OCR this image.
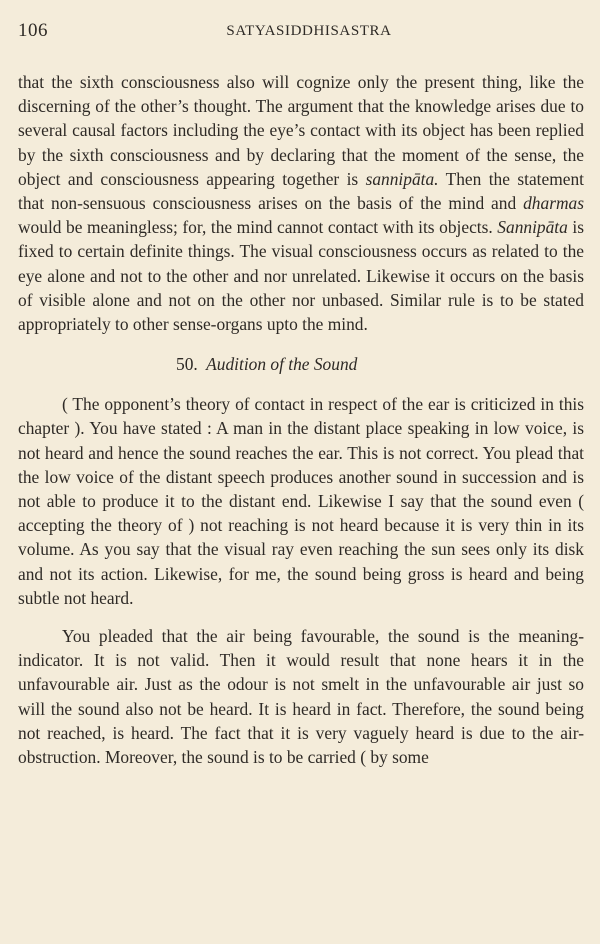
106	SATYASIDDHISASTRA

that the sixth consciousness also will cognize only the present thing, like the discerning of the other’s thought. The argument that the knowledge arises due to several causal factors including the eye’s contact with its object has been replied by the sixth consciousness and by declaring that the moment of the sense, the object and consciousness appearing together is sannipāta. Then the statement that non-sensuous consciousness arises on the basis of the mind and dharmas would be meaningless; for, the mind cannot contact with its objects. Sannipāta is fixed to certain definite things. The visual consciousness occurs as related to the eye alone and not to the other and nor unrelated. Likewise it occurs on the basis of visible alone and not on the other nor unbased. Similar rule is to be stated appropriately to other sense-organs upto the mind.

50. Audition of the Sound

( The opponent’s theory of contact in respect of the ear is criticized in this chapter ). You have stated : A man in the distant place speaking in low voice, is not heard and hence the sound reaches the ear. This is not correct. You plead that the low voice of the distant speech produces another sound in succession and is not able to produce it to the distant end. Likewise I say that the sound even ( accepting the theory of ) not reaching is not heard because it is very thin in its volume. As you say that the visual ray even reaching the sun sees only its disk and not its action. Likewise, for me, the sound being gross is heard and being subtle not heard.

You pleaded that the air being favourable, the sound is the meaning-indicator. It is not valid. Then it would result that none hears it in the unfavourable air. Just as the odour is not smelt in the unfavourable air just so will the sound also not be heard. It is heard in fact. Therefore, the sound being not reached, is heard. The fact that it is very vaguely heard is due to the air-obstruction. Moreover, the sound is to be carried ( by some
